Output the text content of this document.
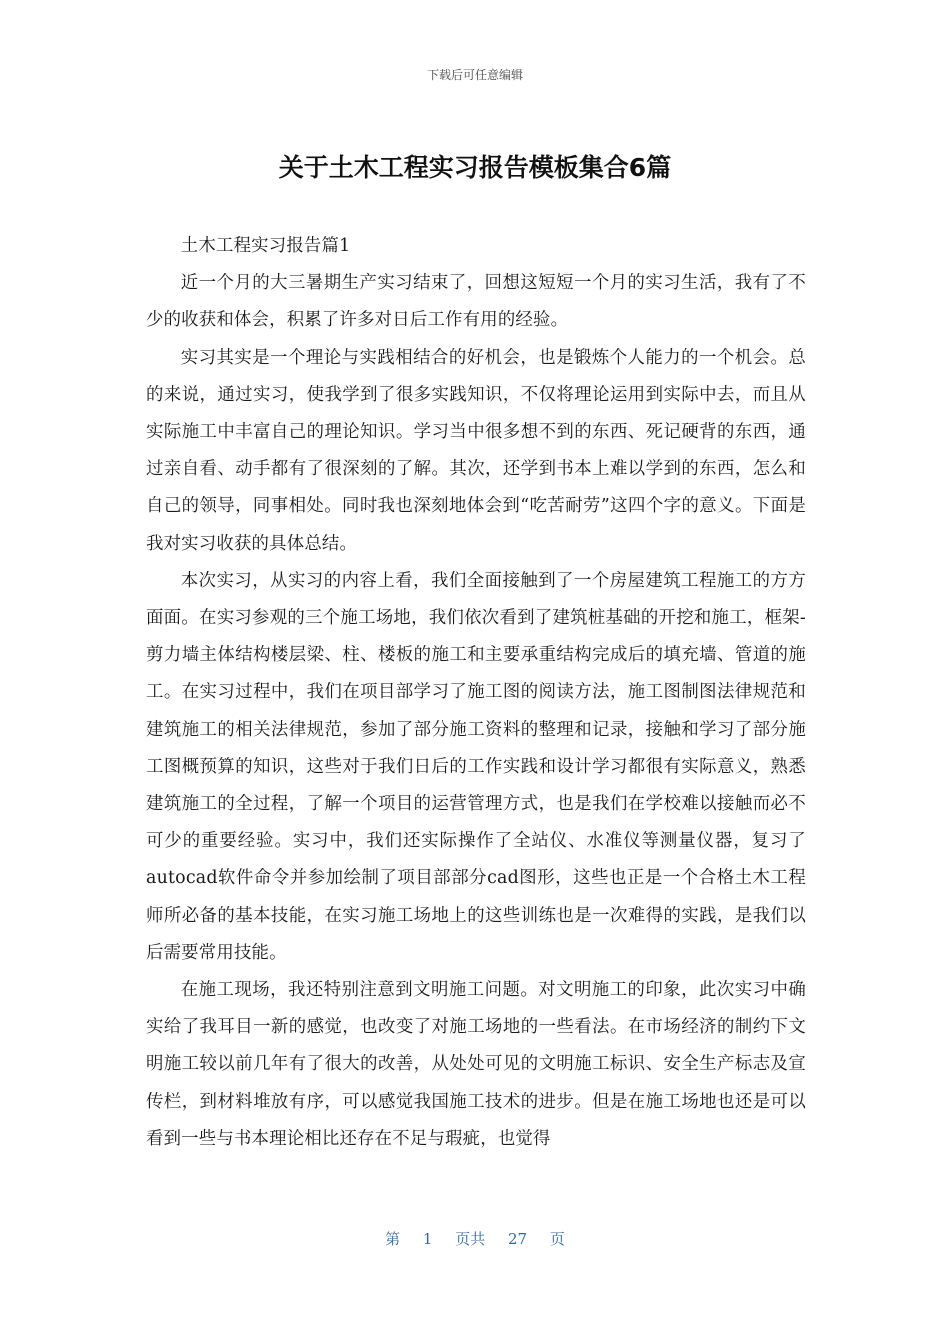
下载后可任意编辑
关于土木工程实习报告模板集合6篇

土木工程实习报告篇1

近一个月的大三暑期生产实习结束了，回想这短短一个月的实习生活，我有了不少的收获和体会，积累了许多对日后工作有用的经验。

实习其实是一个理论与实践相结合的好机会，也是锻炼个人能力的一个机会。总的来说，通过实习，使我学到了很多实践知识，不仅将理论运用到实际中去，而且从实际施工中丰富自己的理论知识。学习当中很多想不到的东西、死记硬背的东西，通过亲自看、动手都有了很深刻的了解。其次，还学到书本上难以学到的东西，怎么和自己的领导，同事相处。同时我也深刻地体会到“吃苦耐劳”这四个字的意义。下面是我对实习收获的具体总结。

本次实习，从实习的内容上看，我们全面接触到了一个房屋建筑工程施工的方方面面。在实习参观的三个施工场地，我们依次看到了建筑桩基础的开挖和施工，框架-剪力墙主体结构楼层梁、柱、楼板的施工和主要承重结构完成后的填充墙、管道的施工。在实习过程中，我们在项目部学习了施工图的阅读方法，施工图制图法律规范和建筑施工的相关法律规范，参加了部分施工资料的整理和记录，接触和学习了部分施工图概预算的知识，这些对于我们日后的工作实践和设计学习都很有实际意义，熟悉建筑施工的全过程，了解一个项目的运营管理方式，也是我们在学校难以接触而必不可少的重要经验。实习中，我们还实际操作了全站仪、水准仪等测量仪器，复习了autocad软件命令并参加绘制了项目部部分cad图形，这些也正是一个合格土木工程师所必备的基本技能，在实习施工场地上的这些训练也是一次难得的实践，是我们以后需要常用技能。

在施工现场，我还特别注意到文明施工问题。对文明施工的印象，此次实习中确实给了我耳目一新的感觉，也改变了对施工场地的一些看法。在市场经济的制约下文明施工较以前几年有了很大的改善，从处处可见的文明施工标识、安全生产标志及宣传栏，到材料堆放有序，可以感觉我国施工技术的进步。但是在施工场地也还是可以看到一些与书本理论相比还存在不足与瑕疵，也觉得

第 1 页共 27 页
